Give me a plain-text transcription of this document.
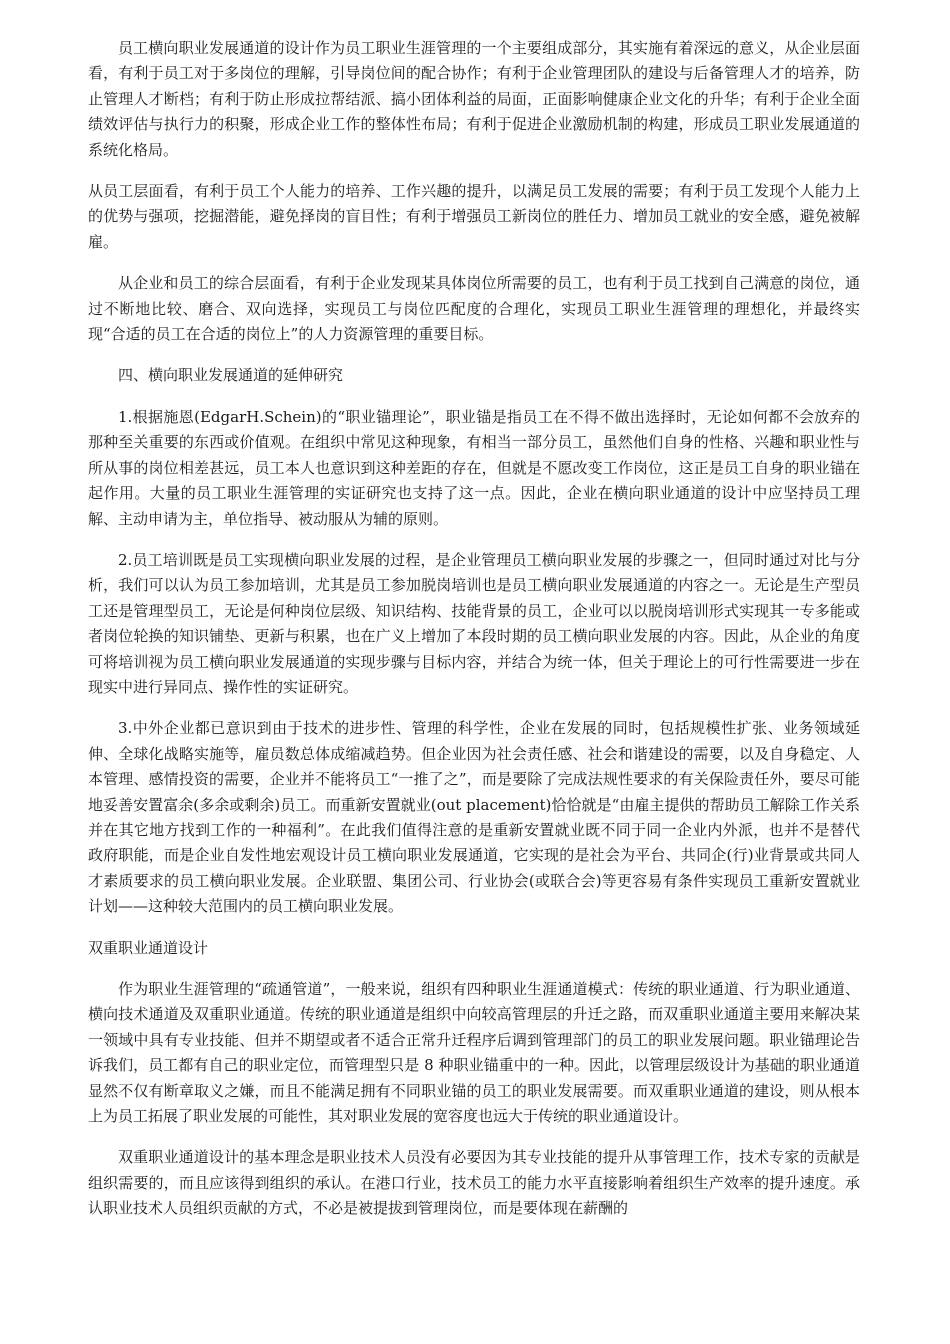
员工横向职业发展通道的设计作为员工职业生涯管理的一个主要组成部分，其实施有着深远的意义，从企业层面看，有利于员工对于多岗位的理解，引导岗位间的配合协作；有利于企业管理团队的建设与后备管理人才的培养，防止管理人才断档；有利于防止形成拉帮结派、搞小团体利益的局面，正面影响健康企业文化的升华；有利于企业全面绩效评估与执行力的积聚，形成企业工作的整体性布局；有利于促进企业激励机制的构建，形成员工职业发展通道的系统化格局。

从员工层面看，有利于员工个人能力的培养、工作兴趣的提升，以满足员工发展的需要；有利于员工发现个人能力上的优势与强项，挖掘潜能，避免择岗的盲目性；有利于增强员工新岗位的胜任力、增加员工就业的安全感，避免被解雇。

从企业和员工的综合层面看，有利于企业发现某具体岗位所需要的员工，也有利于员工找到自己满意的岗位，通过不断地比较、磨合、双向选择，实现员工与岗位匹配度的合理化，实现员工职业生涯管理的理想化，并最终实现“合适的员工在合适的岗位上”的人力资源管理的重要目标。

四、横向职业发展通道的延伸研究

1.根据施恩(EdgarH.Schein)的“职业锚理论”，职业锚是指员工在不得不做出选择时，无论如何都不会放弃的那种至关重要的东西或价值观。在组织中常见这种现象，有相当一部分员工，虽然他们自身的性格、兴趣和职业性与所从事的岗位相差甚远，员工本人也意识到这种差距的存在，但就是不愿改变工作岗位，这正是员工自身的职业锚在起作用。大量的员工职业生涯管理的实证研究也支持了这一点。因此，企业在横向职业通道的设计中应坚持员工理解、主动申请为主，单位指导、被动服从为辅的原则。

2.员工培训既是员工实现横向职业发展的过程，是企业管理员工横向职业发展的步骤之一，但同时通过对比与分析，我们可以认为员工参加培训，尤其是员工参加脱岗培训也是员工横向职业发展通道的内容之一。无论是生产型员工还是管理型员工，无论是何种岗位层级、知识结构、技能背景的员工，企业可以以脱岗培训形式实现其一专多能或者岗位轮换的知识铺垫、更新与积累，也在广义上增加了本段时期的员工横向职业发展的内容。因此，从企业的角度可将培训视为员工横向职业发展通道的实现步骤与目标内容，并结合为统一体，但关于理论上的可行性需要进一步在现实中进行异同点、操作性的实证研究。

3.中外企业都已意识到由于技术的进步性、管理的科学性，企业在发展的同时，包括规模性扩张、业务领域延伸、全球化战略实施等，雇员数总体成缩减趋势。但企业因为社会责任感、社会和谐建设的需要，以及自身稳定、人本管理、感情投资的需要，企业并不能将员工“一推了之”，而是要除了完成法规性要求的有关保险责任外，要尽可能地妥善安置富余(多余或剩余)员工。而重新安置就业(out placement)恰恰就是“由雇主提供的帮助员工解除工作关系并在其它地方找到工作的一种福利”。在此我们值得注意的是重新安置就业既不同于同一企业内外派，也并不是替代政府职能，而是企业自发性地宏观设计员工横向职业发展通道，它实现的是社会为平台、共同企(行)业背景或共同人才素质要求的员工横向职业发展。企业联盟、集团公司、行业协会(或联合会)等更容易有条件实现员工重新安置就业计划——这种较大范围内的员工横向职业发展。

双重职业通道设计

作为职业生涯管理的“疏通管道”，一般来说，组织有四种职业生涯通道模式：传统的职业通道、行为职业通道、横向技术通道及双重职业通道。传统的职业通道是组织中向较高管理层的升迁之路，而双重职业通道主要用来解决某一领域中具有专业技能、但并不期望或者不适合正常升迁程序后调到管理部门的员工的职业发展问题。职业锚理论告诉我们，员工都有自己的职业定位，而管理型只是 8 种职业锚重中的一种。因此，以管理层级设计为基础的职业通道显然不仅有断章取义之嫌，而且不能满足拥有不同职业锚的员工的职业发展需要。而双重职业通道的建设，则从根本上为员工拓展了职业发展的可能性，其对职业发展的宽容度也远大于传统的职业通道设计。

双重职业通道设计的基本理念是职业技术人员没有必要因为其专业技能的提升从事管理工作，技术专家的贡献是组织需要的，而且应该得到组织的承认。在港口行业，技术员工的能力水平直接影响着组织生产效率的提升速度。承认职业技术人员组织贡献的方式，不必是被提拔到管理岗位，而是要体现在薪酬的
